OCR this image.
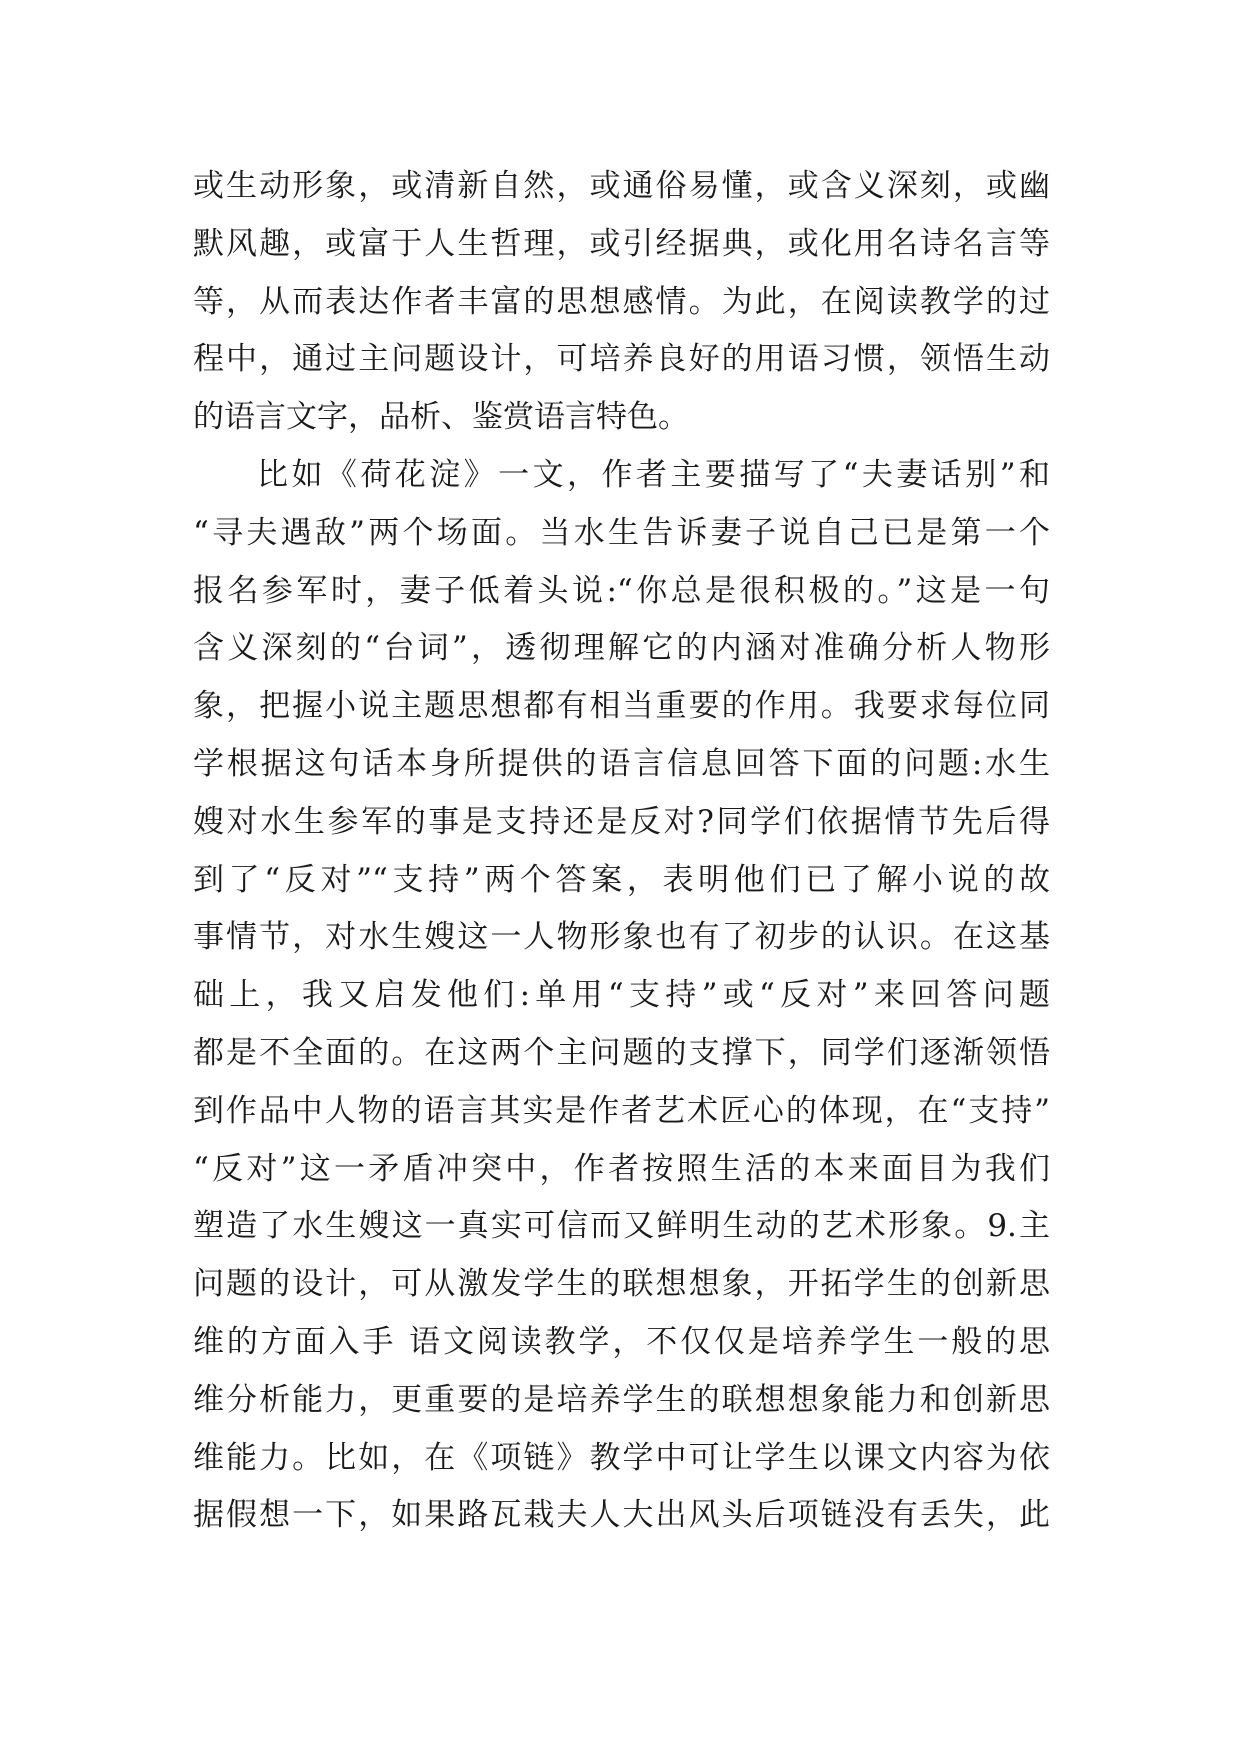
或生动形象，或清新自然，或通俗易懂，或含义深刻，或幽
默风趣，或富于人生哲理，或引经据典，或化用名诗名言等
等，从而表达作者丰富的思想感情。为此，在阅读教学的过
程中，通过主问题设计，可培养良好的用语习惯，领悟生动
的语言文字，品析、鉴赏语言特色。
比如《荷花淀》一文，作者主要描写了“夫妻话别”和
“寻夫遇敌”两个场面。当水生告诉妻子说自己已是第一个
报名参军时，妻子低着头说:“你总是很积极的。”这是一句
含义深刻的“台词”，透彻理解它的内涵对准确分析人物形
象，把握小说主题思想都有相当重要的作用。我要求每位同
学根据这句话本身所提供的语言信息回答下面的问题:水生
嫂对水生参军的事是支持还是反对?同学们依据情节先后得
到了“反对”“支持”两个答案，表明他们已了解小说的故
事情节，对水生嫂这一人物形象也有了初步的认识。在这基
础上，我又启发他们:单用“支持”或“反对”来回答问题
都是不全面的。在这两个主问题的支撑下，同学们逐渐领悟
到作品中人物的语言其实是作者艺术匠心的体现，在“支持”
“反对”这一矛盾冲突中，作者按照生活的本来面目为我们
塑造了水生嫂这一真实可信而又鲜明生动的艺术形象。9.主
问题的设计，可从激发学生的联想想象，开拓学生的创新思
维的方面入手 语文阅读教学，不仅仅是培养学生一般的思
维分析能力，更重要的是培养学生的联想想象能力和创新思
维能力。比如，在《项链》教学中可让学生以课文内容为依
据假想一下，如果路瓦栽夫人大出风头后项链没有丢失，此
